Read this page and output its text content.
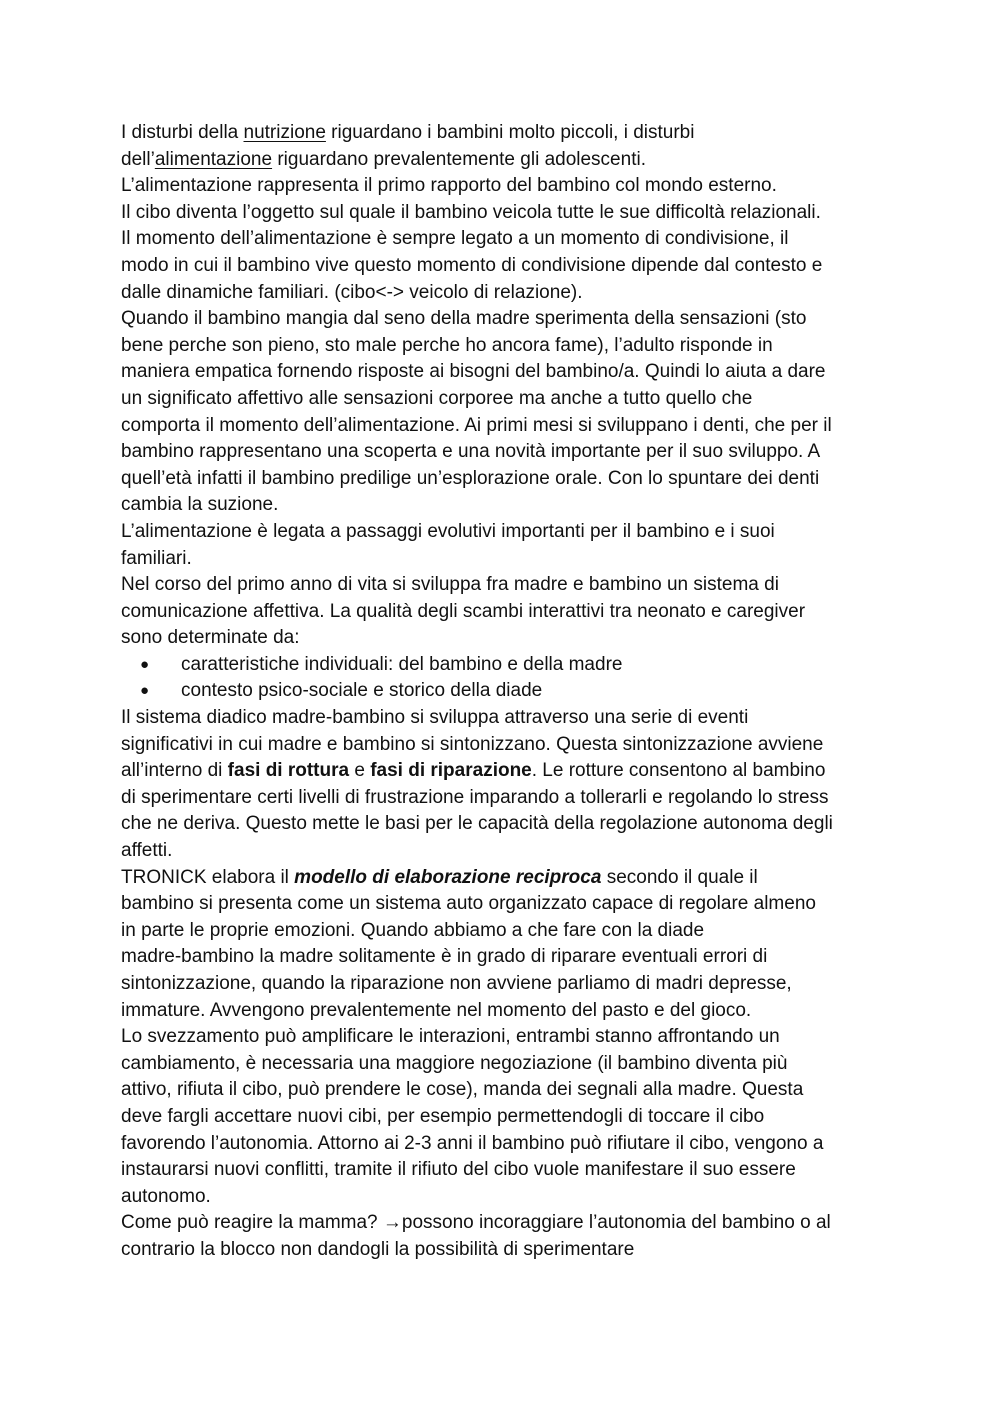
I disturbi della nutrizione riguardano i bambini molto piccoli, i disturbi
dell’alimentazione riguardano prevalentemente gli adolescenti.
L’alimentazione rappresenta il primo rapporto del bambino col mondo esterno.
Il cibo diventa l’oggetto sul quale il bambino veicola tutte le sue difficoltà relazionali.
Il momento dell’alimentazione è sempre legato a un momento di condivisione, il
modo in cui il bambino vive questo momento di condivisione dipende dal contesto e
dalle dinamiche familiari. (cibo<-> veicolo di relazione).
Quando il bambino mangia dal seno della madre sperimenta della sensazioni (sto
bene perche son pieno, sto male perche ho ancora fame), l’adulto risponde in
maniera empatica fornendo risposte ai bisogni del bambino/a. Quindi lo aiuta a dare
un significato affettivo alle sensazioni corporee ma anche a tutto quello che
comporta il momento dell’alimentazione. Ai primi mesi si sviluppano i denti, che per il
bambino rappresentano una scoperta e una novità importante per il suo sviluppo. A
quell’età infatti il bambino predilige un’esplorazione orale. Con lo spuntare dei denti
cambia la suzione.
L’alimentazione è legata a passaggi evolutivi importanti per il bambino e i suoi
familiari.
Nel corso del primo anno di vita si sviluppa fra madre e bambino un sistema di
comunicazione affettiva. La qualità degli scambi interattivi tra neonato e caregiver
sono determinate da:
● caratteristiche individuali: del bambino e della madre
● contesto psico-sociale e storico della diade
Il sistema diadico madre-bambino si sviluppa attraverso una serie di eventi
significativi in cui madre e bambino si sintonizzano. Questa sintonizzazione avviene
all’interno di fasi di rottura e fasi di riparazione. Le rotture consentono al bambino
di sperimentare certi livelli di frustrazione imparando a tollerarli e regolando lo stress
che ne deriva. Questo mette le basi per le capacità della regolazione autonoma degli
affetti.
TRONICK elabora il modello di elaborazione reciproca secondo il quale il
bambino si presenta come un sistema auto organizzato capace di regolare almeno
in parte le proprie emozioni. Quando abbiamo a che fare con la diade
madre-bambino la madre solitamente è in grado di riparare eventuali errori di
sintonizzazione, quando la riparazione non avviene parliamo di madri depresse,
immature. Avvengono prevalentemente nel momento del pasto e del gioco.
Lo svezzamento può amplificare le interazioni, entrambi stanno affrontando un
cambiamento, è necessaria una maggiore negoziazione (il bambino diventa più
attivo, rifiuta il cibo, può prendere le cose), manda dei segnali alla madre. Questa
deve fargli accettare nuovi cibi, per esempio permettendogli di toccare il cibo
favorendo l’autonomia. Attorno ai 2-3 anni il bambino può rifiutare il cibo, vengono a
instaurarsi nuovi conflitti, tramite il rifiuto del cibo vuole manifestare il suo essere
autonomo.
Come può reagire la mamma? →possono incoraggiare l’autonomia del bambino o al
contrario la blocco non dandogli la possibilità di sperimentare
